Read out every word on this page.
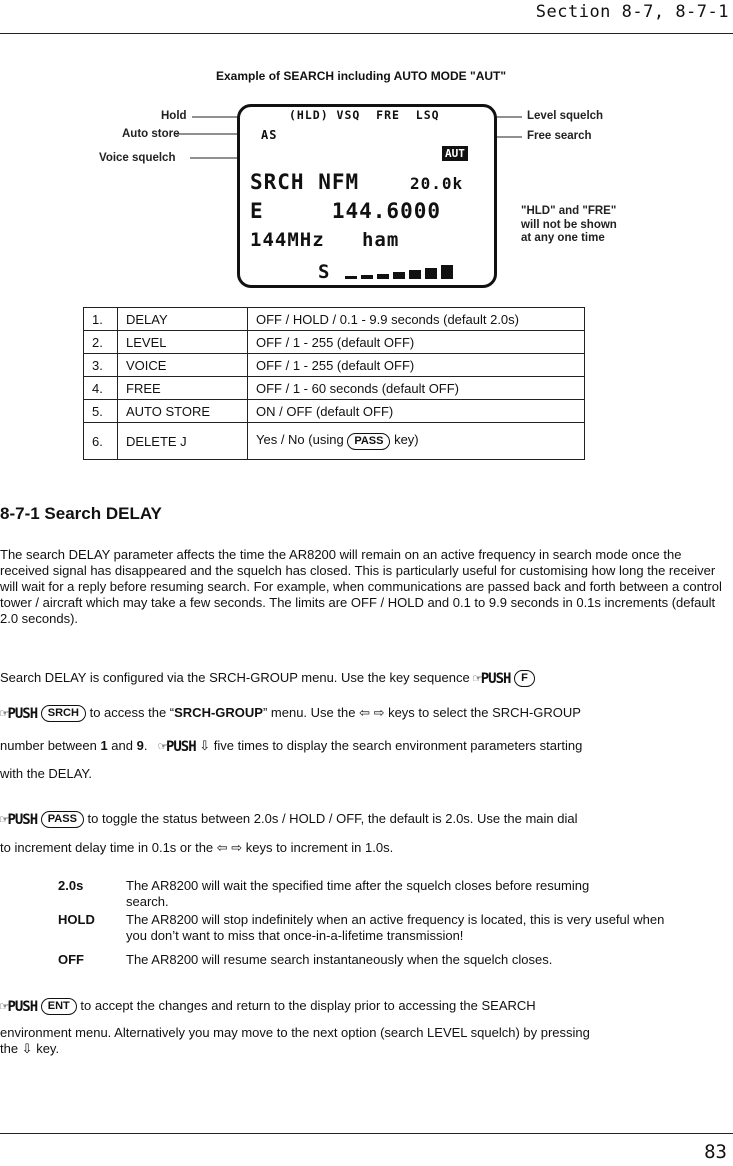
Section 8-7, 8-7-1
Example of SEARCH including AUTO MODE "AUT"
Hold
Auto store
Voice squelch
Level squelch
Free search
"HLD" and "FRE"
will not be shown
at any one time
(HLD) VSQ  FRE  LSQ
AS
AUT
SRCH NFM 20.0k
E     144.6000
144MHz   ham
S
1.	DELAY	OFF / HOLD / 0.1 - 9.9 seconds (default 2.0s)
2.	LEVEL	OFF / 1 - 255 (default OFF)
3.	VOICE	OFF / 1 - 255 (default OFF)
4.	FREE	OFF / 1 - 60 seconds (default OFF)
5.	AUTO STORE	ON / OFF (default OFF)
6.	DELETE J	Yes / No (using PASS key)
8-7-1 Search DELAY

The search DELAY parameter affects the time the AR8200 will remain on an active frequency in search mode once the received signal has disappeared and the squelch has closed. This is particularly useful for customising how long the receiver will wait for a reply before resuming search. For example, when communications are passed back and forth between a control tower / aircraft which may take a few seconds. The limits are OFF / HOLD and 0.1 to 9.9 seconds in 0.1s increments (default 2.0 seconds).

Search DELAY is configured via the SRCH-GROUP menu. Use the key sequence ☞PUSH F
☞PUSH SRCH to access the “SRCH-GROUP” menu. Use the ⇦ ⇨ keys to select the SRCH-GROUP
number between 1 and 9.  ☞PUSH ⇩ five times to display the search environment parameters starting
with the DELAY.
☞PUSH PASS to toggle the status between 2.0s / HOLD / OFF, the default is 2.0s. Use the main dial
to increment delay time in 0.1s or the ⇦ ⇨ keys to increment in 1.0s.
2.0s	The AR8200 will wait the specified time after the squelch closes before resuming search.
HOLD The AR8200 will stop indefinitely when an active frequency is located, this is very useful when you don’t want to miss that once-in-a-lifetime transmission!
OFF	The AR8200 will resume search instantaneously when the squelch closes.
☞PUSH ENT to accept the changes and return to the display prior to accessing the SEARCH
environment menu. Alternatively you may move to the next option (search LEVEL squelch) by pressing
the ⇩ key.
83
